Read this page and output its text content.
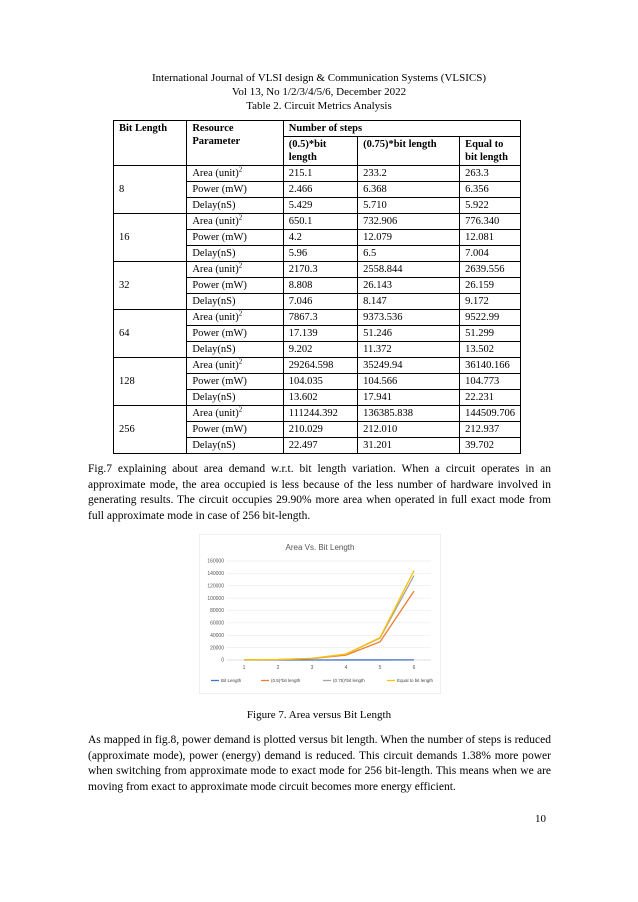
International Journal of VLSI design & Communication Systems (VLSICS)
Vol 13, No 1/2/3/4/5/6, December 2022
Table 2. Circuit Metrics Analysis
Bit Length	Resource Parameter	Number of steps		
		(0.5)*bit length	(0.75)*bit length	Equal to bit length
8	Area (unit)$^2$	215.1	233.2	263.3
	Power (mW)	2.466	6.368	6.356
	Delay(nS)	5.429	5.710	5.922
16	Area (unit)$^2$	650.1	732.906	776.340
	Power (mW)	4.2	12.079	12.081
	Delay(nS)	5.96	6.5	7.004
32	Area (unit)$^2$	2170.3	2558.844	2639.556
	Power (mW)	8.808	26.143	26.159
	Delay(nS)	7.046	8.147	9.172
64	Area (unit)$^2$	7867.3	9373.536	9522.99
	Power (mW)	17.139	51.246	51.299
	Delay(nS)	9.202	11.372	13.502
128	Area (unit)$^2$	29264.598	35249.94	36140.166
	Power (mW)	104.035	104.566	104.773
	Delay(nS)	13.602	17.941	22.231
256	Area (unit)$^2$	111244.392	136385.838	144509.706
	Power (mW)	210.029	212.010	212.937
	Delay(nS)	22.497	31.201	39.702
Fig.7 explaining about area demand w.r.t. bit length variation. When a circuit operates in an approximate mode, the area occupied is less because of the less number of hardware involved in generating results. The circuit occupies 29.90% more area when operated in full exact mode from full approximate mode in case of 256 bit-length.
Area Vs. Bit Length
0
20000
40000
60000
80000
100000
120000
140000
160000
1	2	3	4	5	6
Bit Length	(0.5)*bit length	(0.75)*bit length	Equal to bit length
Figure 7. Area versus Bit Length
As mapped in fig.8, power demand is plotted versus bit length. When the number of steps is reduced (approximate mode), power (energy) demand is reduced. This circuit demands 1.38% more power when switching from approximate mode to exact mode for 256 bit-length. This means when we are moving from exact to approximate mode circuit becomes more energy efficient.
10
